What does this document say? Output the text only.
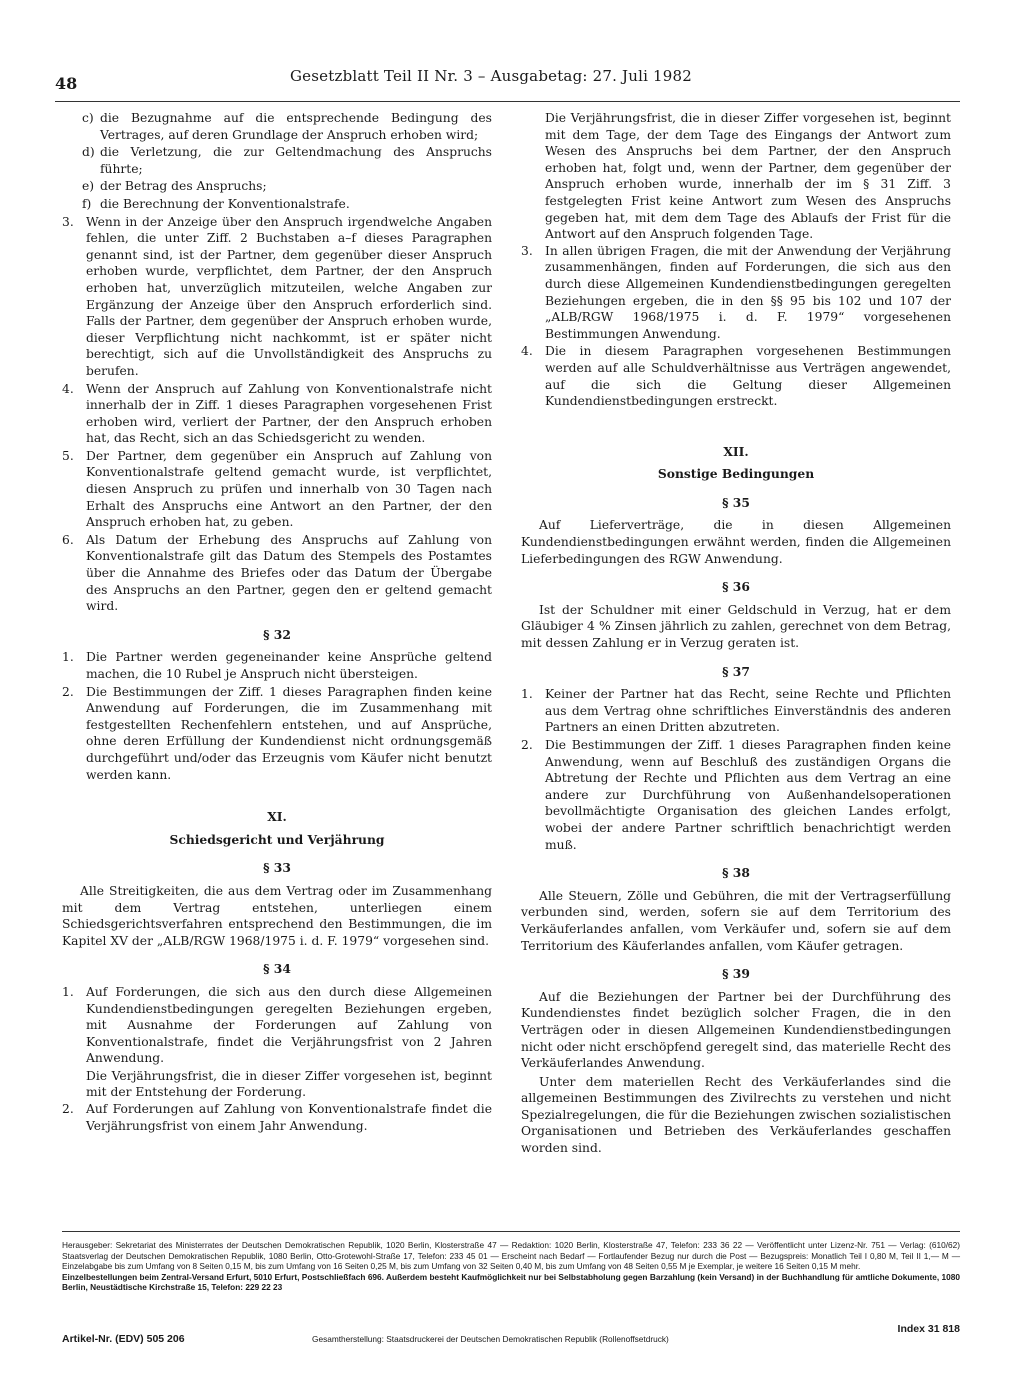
48	Gesetzblatt Teil II Nr. 3 – Ausgabetag: 27. Juli 1982
c) die Bezugnahme auf die entsprechende Bedingung des Vertrages, auf deren Grundlage der Anspruch erhoben wird;
d) die Verletzung, die zur Geltendmachung des Anspruchs führte;
e) der Betrag des Anspruchs;
f) die Berechnung der Konventionalstrafe.
3. Wenn in der Anzeige über den Anspruch irgendwelche Angaben fehlen, die unter Ziff. 2 Buchstaben a–f dieses Paragraphen genannt sind, ist der Partner, dem gegenüber dieser Anspruch erhoben wurde, verpflichtet, dem Partner, der den Anspruch erhoben hat, unverzüglich mitzuteilen, welche Angaben zur Ergänzung der Anzeige über den Anspruch erforderlich sind. Falls der Partner, dem gegenüber der Anspruch erhoben wurde, dieser Verpflichtung nicht nachkommt, ist er später nicht berechtigt, sich auf die Unvollständigkeit des Anspruchs zu berufen.
4. Wenn der Anspruch auf Zahlung von Konventionalstrafe nicht innerhalb der in Ziff. 1 dieses Paragraphen vorgesehenen Frist erhoben wird, verliert der Partner, der den Anspruch erhoben hat, das Recht, sich an das Schiedsgericht zu wenden.
5. Der Partner, dem gegenüber ein Anspruch auf Zahlung von Konventionalstrafe geltend gemacht wurde, ist verpflichtet, diesen Anspruch zu prüfen und innerhalb von 30 Tagen nach Erhalt des Anspruchs eine Antwort an den Partner, der den Anspruch erhoben hat, zu geben.
6. Als Datum der Erhebung des Anspruchs auf Zahlung von Konventionalstrafe gilt das Datum des Stempels des Postamtes über die Annahme des Briefes oder das Datum der Übergabe des Anspruchs an den Partner, gegen den er geltend gemacht wird.
§ 32
1. Die Partner werden gegeneinander keine Ansprüche geltend machen, die 10 Rubel je Anspruch nicht übersteigen.
2. Die Bestimmungen der Ziff. 1 dieses Paragraphen finden keine Anwendung auf Forderungen, die im Zusammenhang mit festgestellten Rechenfehlern entstehen, und auf Ansprüche, ohne deren Erfüllung der Kundendienst nicht ordnungsgemäß durchgeführt und/oder das Erzeugnis vom Käufer nicht benutzt werden kann.
XI.
Schiedsgericht und Verjährung
§ 33

Alle Streitigkeiten, die aus dem Vertrag oder im Zusammenhang mit dem Vertrag entstehen, unterliegen einem Schiedsgerichtsverfahren entsprechend den Bestimmungen, die im Kapitel XV der „ALB/RGW 1968/1975 i. d. F. 1979“ vorgesehen sind.

§ 34
1. Auf Forderungen, die sich aus den durch diese Allgemeinen Kundendienstbedingungen geregelten Beziehungen ergeben, mit Ausnahme der Forderungen auf Zahlung von Konventionalstrafe, findet die Verjährungsfrist von 2 Jahren Anwendung.
Die Verjährungsfrist, die in dieser Ziffer vorgesehen ist, beginnt mit der Entstehung der Forderung.
2. Auf Forderungen auf Zahlung von Konventionalstrafe findet die Verjährungsfrist von einem Jahr Anwendung.
Die Verjährungsfrist, die in dieser Ziffer vorgesehen ist, beginnt mit dem Tage, der dem Tage des Eingangs der Antwort zum Wesen des Anspruchs bei dem Partner, der den Anspruch erhoben hat, folgt und, wenn der Partner, dem gegenüber der Anspruch erhoben wurde, innerhalb der im § 31 Ziff. 3 festgelegten Frist keine Antwort zum Wesen des Anspruchs gegeben hat, mit dem dem Tage des Ablaufs der Frist für die Antwort auf den Anspruch folgenden Tage.
3. In allen übrigen Fragen, die mit der Anwendung der Verjährung zusammenhängen, finden auf Forderungen, die sich aus den durch diese Allgemeinen Kundendienstbedingungen geregelten Beziehungen ergeben, die in den §§ 95 bis 102 und 107 der „ALB/RGW 1968/1975 i. d. F. 1979“ vorgesehenen Bestimmungen Anwendung.
4. Die in diesem Paragraphen vorgesehenen Bestimmungen werden auf alle Schuldverhältnisse aus Verträgen angewendet, auf die sich die Geltung dieser Allgemeinen Kundendienstbedingungen erstreckt.
XII.
Sonstige Bedingungen
§ 35

Auf Lieferverträge, die in diesen Allgemeinen Kundendienstbedingungen erwähnt werden, finden die Allgemeinen Lieferbedingungen des RGW Anwendung.

§ 36

Ist der Schuldner mit einer Geldschuld in Verzug, hat er dem Gläubiger 4 % Zinsen jährlich zu zahlen, gerechnet von dem Betrag, mit dessen Zahlung er in Verzug geraten ist.

§ 37
1. Keiner der Partner hat das Recht, seine Rechte und Pflichten aus dem Vertrag ohne schriftliches Einverständnis des anderen Partners an einen Dritten abzutreten.
2. Die Bestimmungen der Ziff. 1 dieses Paragraphen finden keine Anwendung, wenn auf Beschluß des zuständigen Organs die Abtretung der Rechte und Pflichten aus dem Vertrag an eine andere zur Durchführung von Außenhandelsoperationen bevollmächtigte Organisation des gleichen Landes erfolgt, wobei der andere Partner schriftlich benachrichtigt werden muß.
§ 38

Alle Steuern, Zölle und Gebühren, die mit der Vertragserfüllung verbunden sind, werden, sofern sie auf dem Territorium des Verkäuferlandes anfallen, vom Verkäufer und, sofern sie auf dem Territorium des Käuferlandes anfallen, vom Käufer getragen.

§ 39

Auf die Beziehungen der Partner bei der Durchführung des Kundendienstes findet bezüglich solcher Fragen, die in den Verträgen oder in diesen Allgemeinen Kundendienstbedingungen nicht oder nicht erschöpfend geregelt sind, das materielle Recht des Verkäuferlandes Anwendung.

Unter dem materiellen Recht des Verkäuferlandes sind die allgemeinen Bestimmungen des Zivilrechts zu verstehen und nicht Spezialregelungen, die für die Beziehungen zwischen sozialistischen Organisationen und Betrieben des Verkäuferlandes geschaffen worden sind.

Herausgeber: Sekretariat des Ministerrates der Deutschen Demokratischen Republik, 1020 Berlin, Klosterstraße 47 — Redaktion: 1020 Berlin, Klosterstraße 47, Telefon: 233 36 22 — Veröffentlicht unter Lizenz-Nr. 751 — Verlag: (610/62) Staatsverlag der Deutschen Demokratischen Republik, 1080 Berlin, Otto-Grotewohl-Straße 17, Telefon: 233 45 01 — Erscheint nach Bedarf — Fortlaufender Bezug nur durch die Post — Bezugspreis: Monatlich Teil I 0,80 M, Teil II 1,— M — Einzelabgabe bis zum Umfang von 8 Seiten 0,15 M, bis zum Umfang von 16 Seiten 0,25 M, bis zum Umfang von 32 Seiten 0,40 M, bis zum Umfang von 48 Seiten 0,55 M je Exemplar, je weitere 16 Seiten 0,15 M mehr.
Einzelbestellungen beim Zentral-Versand Erfurt, 5010 Erfurt, Postschließfach 696. Außerdem besteht Kaufmöglichkeit nur bei Selbstabholung gegen Barzahlung (kein Versand) in der Buchhandlung für amtliche Dokumente, 1080 Berlin, Neustädtische Kirchstraße 15, Telefon: 229 22 23
Artikel-Nr. (EDV) 505 206	Gesamtherstellung: Staatsdruckerei der Deutschen Demokratischen Republik (Rollenoffsetdruck)
Index 31 818
